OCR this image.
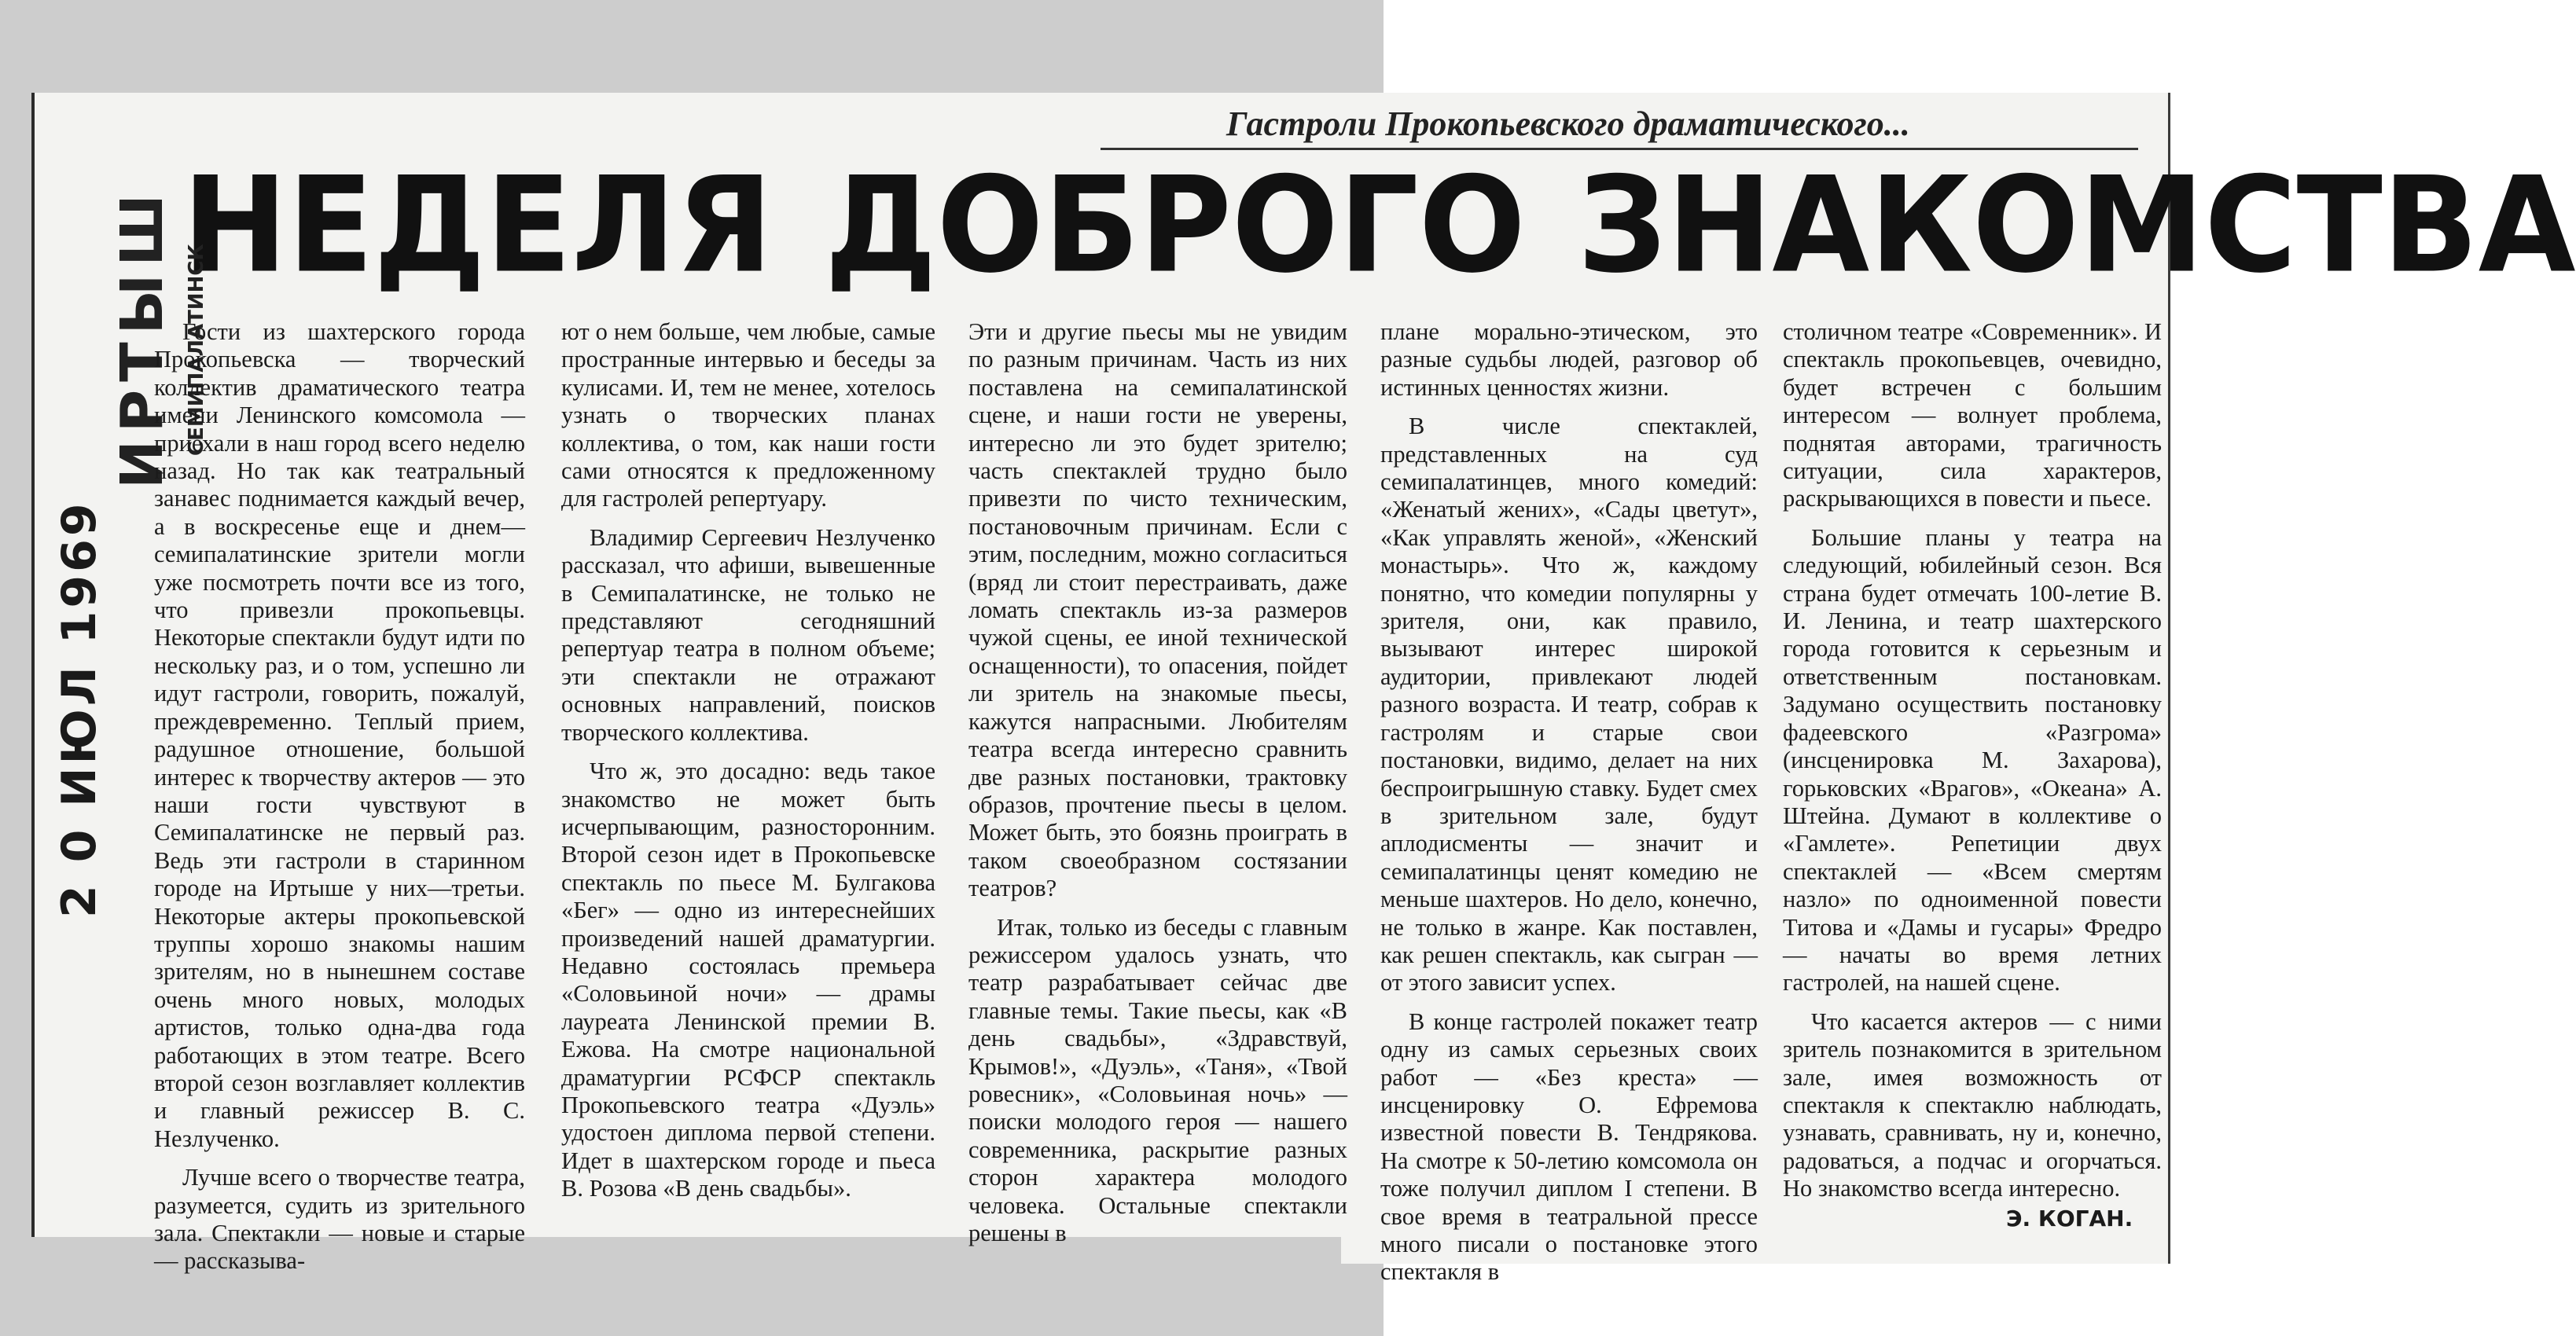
Гастроли Прокопьевского драматического...
НЕДЕЛЯ ДОБРОГО ЗНАКОМСТВА
ИРТЫШ СЕМИПАЛАТИНСК
2 0 ИЮЛ 1969

Гости из шахтерского города Прокопьевска — творческий коллектив драматического театра имени Ленинского комсомола — приехали в наш город всего неделю назад. Но так как театральный занавес поднимается каждый вечер, а в воскресенье еще и днем—семипалатинские зрители могли уже посмотреть почти все из того, что привезли прокопьевцы. Некоторые спектакли будут идти по нескольку раз, и о том, успешно ли идут гастроли, говорить, пожалуй, преждевременно. Теплый прием, радушное отношение, большой интерес к творчеству актеров — это наши гости чувствуют в Семипалатинске не первый раз. Ведь эти гастроли в старинном городе на Иртыше у них—третьи. Некоторые актеры прокопьевской труппы хорошо знакомы нашим зрителям, но в нынешнем составе очень много новых, молодых артистов, только одна-два года работающих в этом театре. Всего второй сезон возглавляет коллектив и главный режиссер В. С. Незлученко.

Лучше всего о творчестве театра, разумеется, судить из зрительного зала. Спектакли — новые и старые — рассказыва-

ют о нем больше, чем любые, самые пространные интервью и беседы за кулисами. И, тем не менее, хотелось узнать о творческих планах коллектива, о том, как наши гости сами относятся к предложенному для гастролей репертуару.

Владимир Сергеевич Незлученко рассказал, что афиши, вывешенные в Семипалатинске, не только не представляют сегодняшний репертуар театра в полном объеме; эти спектакли не отражают основных направлений, поисков творческого коллектива.

Что ж, это досадно: ведь такое знакомство не может быть исчерпывающим, разносторонним. Второй сезон идет в Прокопьевске спектакль по пьесе М. Булгакова «Бег» — одно из интереснейших произведений нашей драматургии. Недавно состоялась премьера «Соловьиной ночи» — драмы лауреата Ленинской премии В. Ежова. На смотре национальной драматургии РСФСР спектакль Прокопьевского театра «Дуэль» удостоен диплома первой степени. Идет в шахтерском городе и пьеса В. Розова «В день свадьбы».

Эти и другие пьесы мы не увидим по разным причинам. Часть из них поставлена на семипалатинской сцене, и наши гости не уверены, интересно ли это будет зрителю; часть спектаклей трудно было привезти по чисто техническим, постановочным причинам. Если с этим, последним, можно согласиться (вряд ли стоит перестраивать, даже ломать спектакль из-за размеров чужой сцены, ее иной технической оснащенности), то опасения, пойдет ли зритель на знакомые пьесы, кажутся напрасными. Любителям театра всегда интересно сравнить две разных постановки, трактовку образов, прочтение пьесы в целом. Может быть, это боязнь проиграть в таком своеобразном состязании театров?

Итак, только из беседы с главным режиссером удалось узнать, что театр разрабатывает сейчас две главные темы. Такие пьесы, как «В день свадьбы», «Здравствуй, Крымов!», «Дуэль», «Таня», «Твой ровесник», «Соловьиная ночь» — поиски молодого героя — нашего современника, раскрытие разных сторон характера молодого человека. Остальные спектакли решены в

плане морально-этическом, это разные судьбы людей, разговор об истинных ценностях жизни.

В числе спектаклей, представленных на суд семипалатинцев, много комедий: «Женатый жених», «Сады цветут», «Как управлять женой», «Женский монастырь». Что ж, каждому понятно, что комедии популярны у зрителя, они, как правило, вызывают интерес широкой аудитории, привлекают людей разного возраста. И театр, собрав к гастролям и старые свои постановки, видимо, делает на них беспроигрышную ставку. Будет смех в зрительном зале, будут аплодисменты — значит и семипалатинцы ценят комедию не меньше шахтеров. Но дело, конечно, не только в жанре. Как поставлен, как решен спектакль, как сыгран — от этого зависит успех.

В конце гастролей покажет театр одну из самых серьезных своих работ — «Без креста» — инсценировку О. Ефремова известной повести В. Тендрякова. На смотре к 50-летию комсомола он тоже получил диплом I степени. В свое время в театральной прессе много писали о постановке этого спектакля в

столичном театре «Современник». И спектакль прокопьевцев, очевидно, будет встречен с большим интересом — волнует проблема, поднятая авторами, трагичность ситуации, сила характеров, раскрывающихся в повести и пьесе.

Большие планы у театра на следующий, юбилейный сезон. Вся страна будет отмечать 100-летие В. И. Ленина, и театр шахтерского города готовится к серьезным и ответственным постановкам. Задумано осуществить постановку фадеевского «Разгрома» (инсценировка М. Захарова), горьковских «Врагов», «Океана» А. Штейна. Думают в коллективе о «Гамлете». Репетиции двух спектаклей — «Всем смертям назло» по одноименной повести Титова и «Дамы и гусары» Фредро — начаты во время летних гастролей, на нашей сцене.

Что касается актеров — с ними зритель познакомится в зрительном зале, имея возможность от спектакля к спектаклю наблюдать, узнавать, сравнивать, ну и, конечно, радоваться, а подчас и огорчаться. Но знакомство всегда интересно.

Э. КОГАН.
